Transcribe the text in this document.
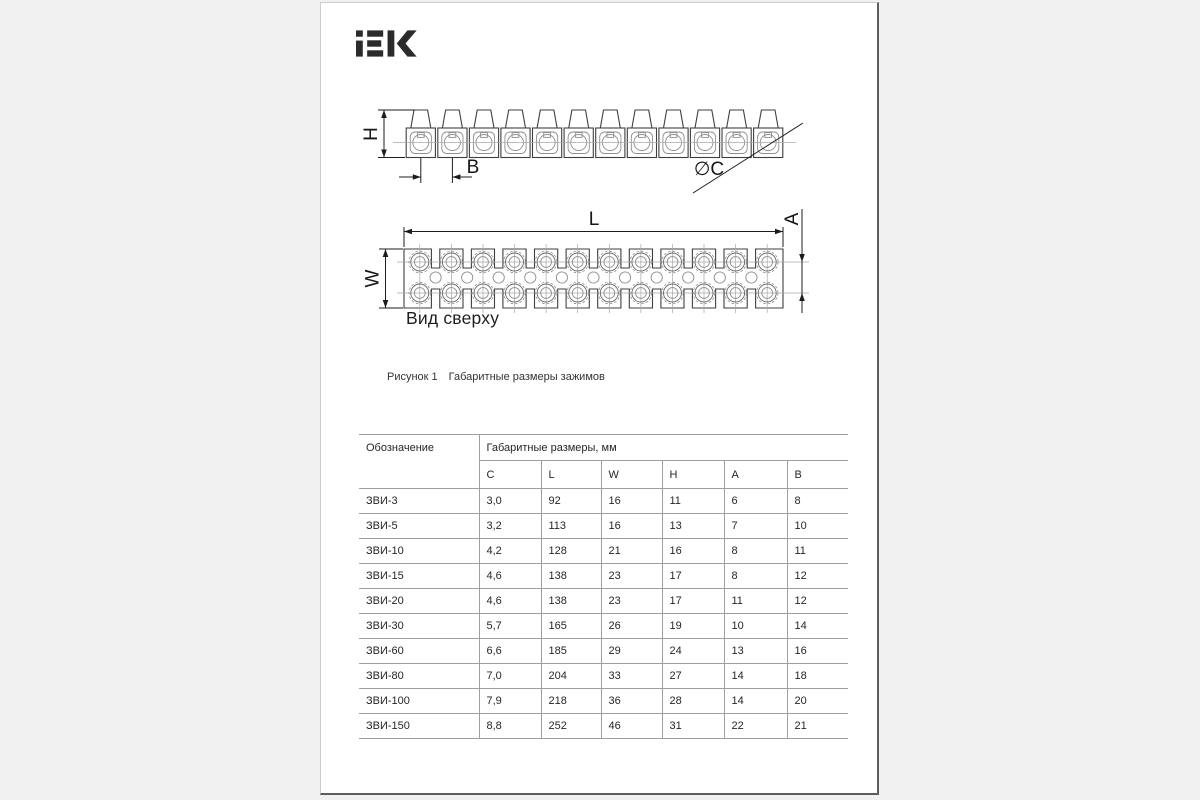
H
B	∅C
L	A
W
Вид сверху
Рисунок 1 Габаритные размеры зажимов
Обозначение	Габаритные размеры, мм					
	C	L	W	H	A	B
ЗВИ-3	3,0	92	16	11	6	8
ЗВИ-5	3,2	113	16	13	7	10
ЗВИ-10	4,2	128	21	16	8	11
ЗВИ-15	4,6	138	23	17	8	12
ЗВИ-20	4,6	138	23	17	11	12
ЗВИ-30	5,7	165	26	19	10	14
ЗВИ-60	6,6	185	29	24	13	16
ЗВИ-80	7,0	204	33	27	14	18
ЗВИ-100	7,9	218	36	28	14	20
ЗВИ-150	8,8	252	46	31	22	21
